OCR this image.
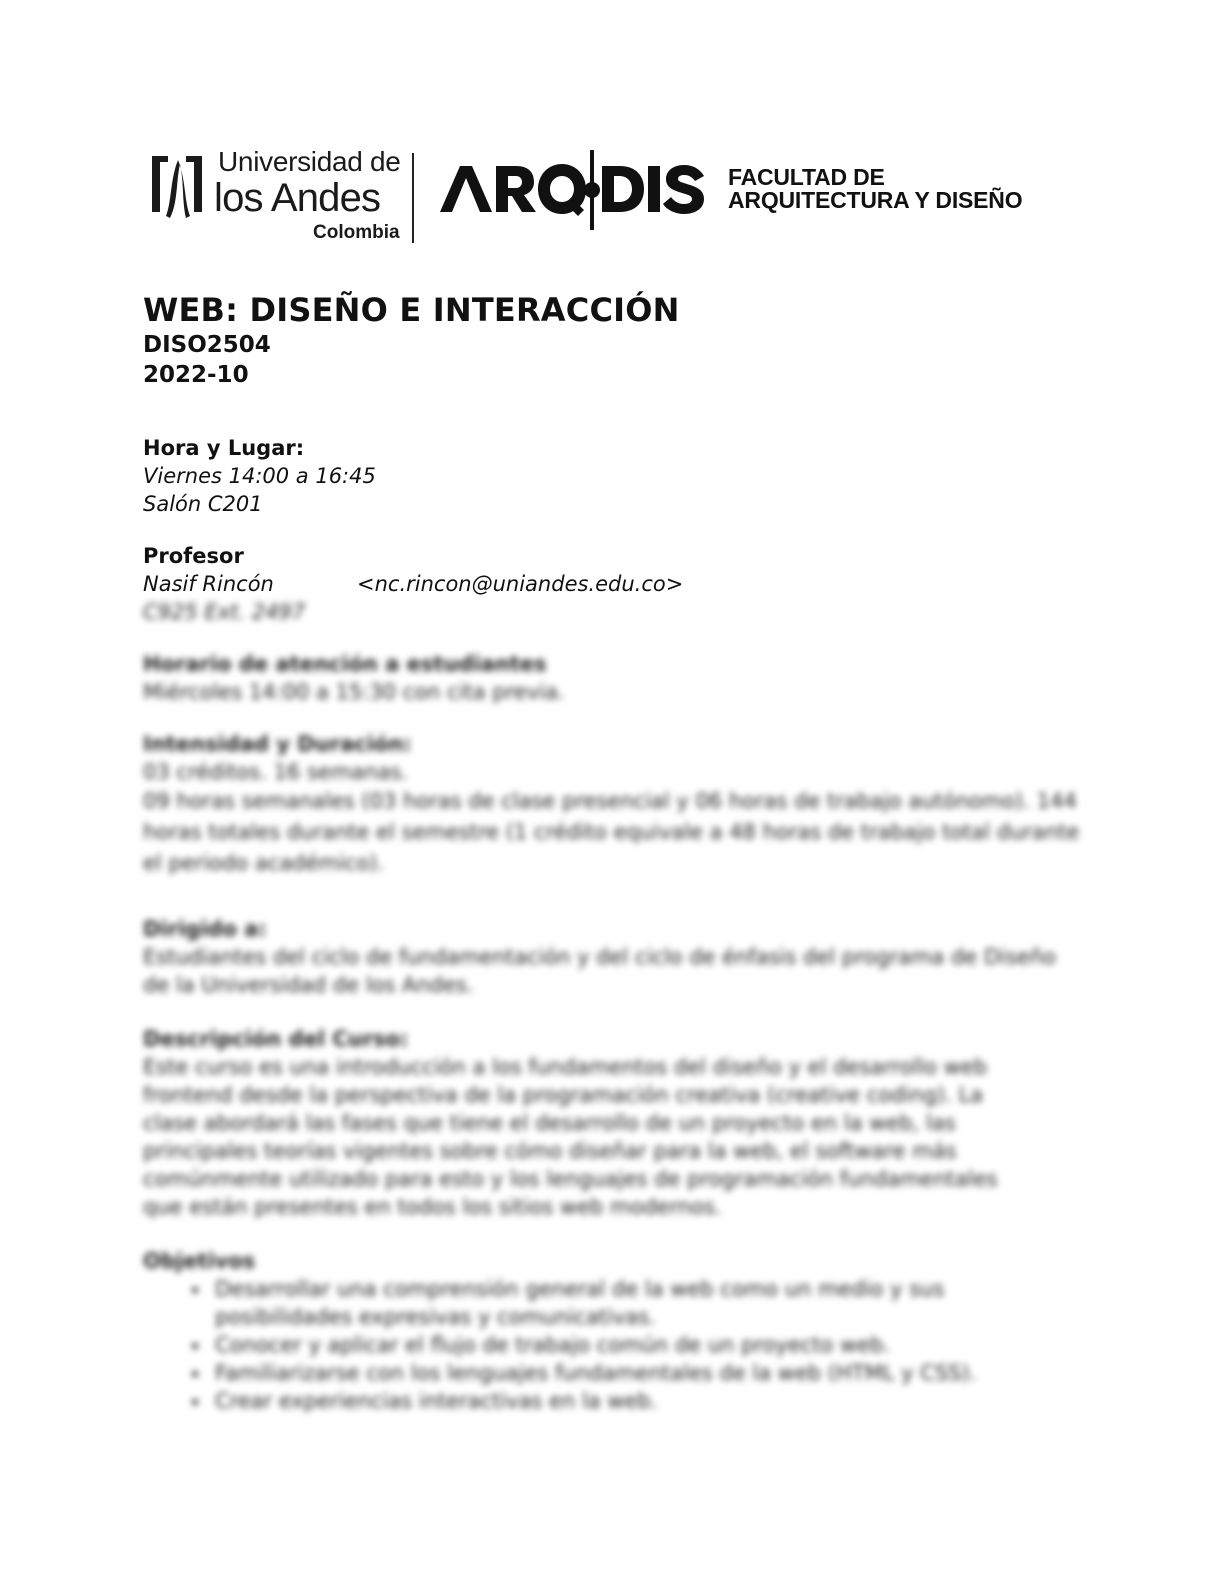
Universidad de
los Andes
Colombia
FACULTAD DE
ARQUITECTURA Y DISEÑO
WEB: DISEÑO E INTERACCIÓN

DISO2504

2022-10

Hora y Lugar:

Viernes 14:00 a 16:45

Salón C201

Profesor

Nasif Rincón	<nc.rincon@uniandes.edu.co>

C925 Ext. 2497

Horario de atención a estudiantes

Miércoles 14:00 a 15:30 con cita previa.

Intensidad y Duración:

03 créditos. 16 semanas.

09 horas semanales (03 horas de clase presencial y 06 horas de trabajo autónomo). 144 horas totales durante el semestre (1 crédito equivale a 48 horas de trabajo total durante el periodo académico).

Dirigido a:

Estudiantes del ciclo de fundamentación y del ciclo de énfasis del programa de Diseño de la Universidad de los Andes.

Descripción del Curso:

Este curso es una introducción a los fundamentos del diseño y el desarrollo web frontend desde la perspectiva de la programación creativa (creative coding). La clase abordará las fases que tiene el desarrollo de un proyecto en la web, las principales teorías vigentes sobre cómo diseñar para la web, el software más comúnmente utilizado para esto y los lenguajes de programación fundamentales que están presentes en todos los sitios web modernos.

Objetivos

• Desarrollar una comprensión general de la web como un medio y sus posibilidades expresivas y comunicativas.
• Conocer y aplicar el flujo de trabajo común de un proyecto web.
• Familiarizarse con los lenguajes fundamentales de la web (HTML y CSS).
• Crear experiencias interactivas en la web.
